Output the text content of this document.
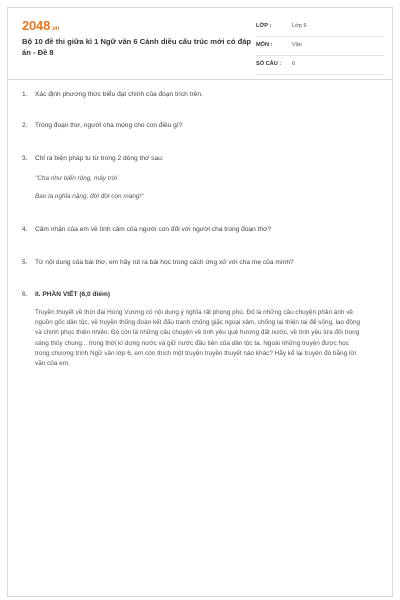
2048.vn
Bộ 10 đề thi giữa kì 1 Ngữ văn 6 Cánh diều cấu trúc mới có đáp án - Đề 8
LỚP :	Lớp 6
MÔN :	Văn
SỐ CÂU : 6
1. Xác định phương thức biểu đạt chính của đoạn trích trên.
2. Trong đoạn thơ, người cha mong cho con điều gì?
3. Chỉ ra biện pháp tu từ trong 2 dòng thơ sau:
"Cha như biển rộng, mây trời
Bao la nghĩa nặng, đời đời con mang!"
4. Cảm nhận của em về tình cảm của người con đối với người cha trong đoạn thơ?
5. Từ nội dung của bài thơ, em hãy rút ra bài học trong cách ứng xử với cha mẹ của mình?
6. II. PHẦN VIẾT (6,0 điểm)
Truyền thuyết về thời đại Hùng Vương có nội dung ý nghĩa rất phong phú. Đó là những câu chuyện phản ánh về nguồn gốc dân tộc, về truyền thống đoàn kết đấu tranh chống giặc ngoại xâm, chống lại thiên tai để sống, lao động và chinh phục thiên nhiên. Đó còn là những câu chuyện về tình yêu quê hương đất nước, về tình yêu lứa đôi trong sáng thủy chung... trong thời kì dựng nước và giữ nước đầu tiên của dân tộc ta. Ngoài những truyện được học trong chương trình Ngữ văn lớp 6, em còn thích một truyện truyền thuyết nào khác? Hãy kể lại truyện đó bằng lời văn của em.
